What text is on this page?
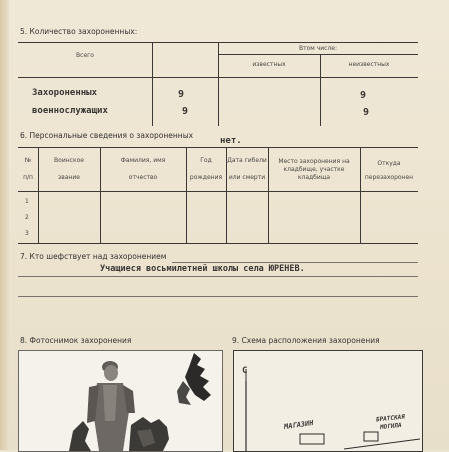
5. Количество захороненных:
Всего
Втом числе:
известных	неизвестных
Захороненных
военнослужащих
9
9
9
9
6. Персональные сведения о захороненных
нет.
№
п/п
Воинское
звание
Фамилия, имя
отчество
Год
рождения
Дата гибели
или смерти
Место захоронения на
кладбище, участке
кладбища
Откуда
перезахоронен
1
2
3
7. Кто шефствует над захоронением
Учащиеся восьмилетней школы села ЮРЕНЕВ.
8. Фотоснимок захоронения	9. Схема расположения захоронения
С
МАГАЗИН
БРАТСКАЯ
МОГИЛА
